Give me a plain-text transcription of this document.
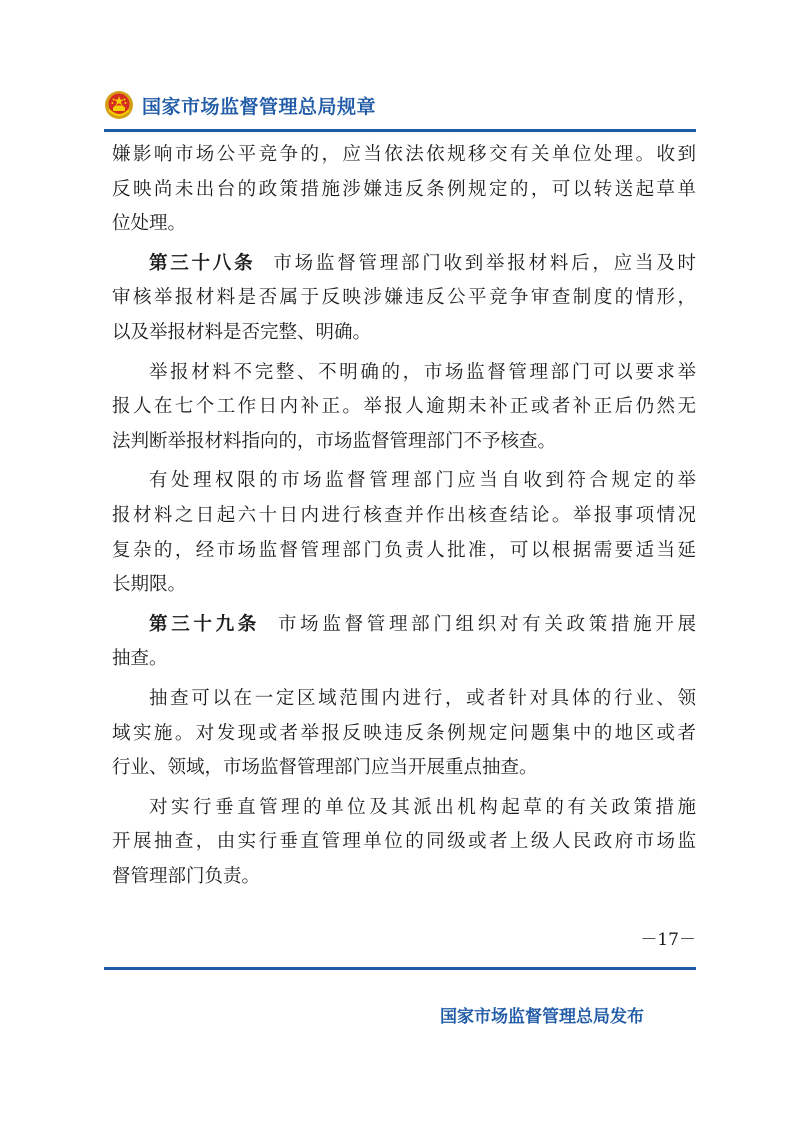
国家市场监督管理总局规章
嫌影响市场公平竞争的，应当依法依规移交有关单位处理。收到
反映尚未出台的政策措施涉嫌违反条例规定的，可以转送起草单
位处理。
第三十八条 市场监督管理部门收到举报材料后，应当及时
审核举报材料是否属于反映涉嫌违反公平竞争审查制度的情形，
以及举报材料是否完整、明确。
举报材料不完整、不明确的，市场监督管理部门可以要求举
报人在七个工作日内补正。举报人逾期未补正或者补正后仍然无
法判断举报材料指向的，市场监督管理部门不予核查。
有处理权限的市场监督管理部门应当自收到符合规定的举
报材料之日起六十日内进行核查并作出核查结论。举报事项情况
复杂的，经市场监督管理部门负责人批准，可以根据需要适当延
长期限。
第三十九条 市场监督管理部门组织对有关政策措施开展
抽查。
抽查可以在一定区域范围内进行，或者针对具体的行业、领
域实施。对发现或者举报反映违反条例规定问题集中的地区或者
行业、领域，市场监督管理部门应当开展重点抽查。
对实行垂直管理的单位及其派出机构起草的有关政策措施
开展抽查，由实行垂直管理单位的同级或者上级人民政府市场监
督管理部门负责。
－17－
国家市场监督管理总局发布
